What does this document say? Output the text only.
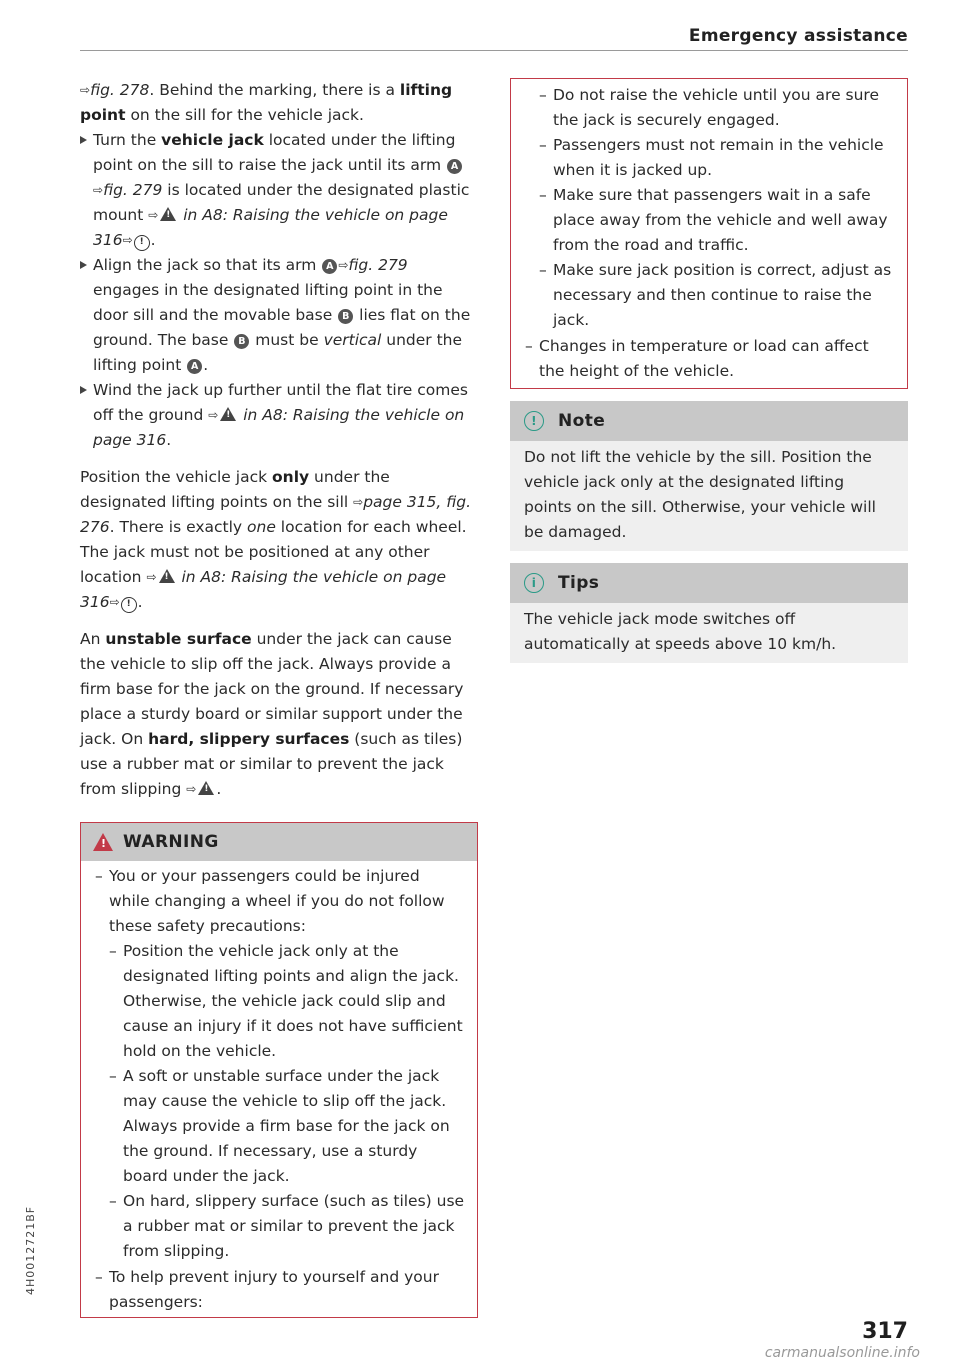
Emergency assistance

⇨fig. 278. Behind the marking, there is a lifting point on the sill for the vehicle jack.

Turn the vehicle jack located under the lifting point on the sill to raise the jack until its arm A ⇨fig. 279 is located under the designated plastic mount ⇨ ! in A8: Raising the vehicle on page 316⇨ ! .

Align the jack so that its arm A ⇨fig. 279 engages in the designated lifting point in the door sill and the movable base B lies flat on the ground. The base B must be vertical under the lifting point A .

Wind the jack up further until the flat tire comes off the ground ⇨ ! in A8: Raising the vehicle on page 316.

Position the vehicle jack only under the designated lifting points on the sill ⇨page 315, fig. 276. There is exactly one location for each wheel. The jack must not be positioned at any other location ⇨ ! in A8: Raising the vehicle on page 316⇨ ! .

An unstable surface under the jack can cause the vehicle to slip off the jack. Always provide a firm base for the jack on the ground. If necessary place a sturdy board or similar support under the jack. On hard, slippery surfaces (such as tiles) use a rubber mat or similar to prevent the jack from slipping ⇨ ! .

!
WARNING
– You or your passengers could be injured while changing a wheel if you do not follow these safety precautions:
– Position the vehicle jack only at the designated lifting points and align the jack. Otherwise, the vehicle jack could slip and cause an injury if it does not have sufficient hold on the vehicle.
– A soft or unstable surface under the jack may cause the vehicle to slip off the jack. Always provide a firm base for the jack on the ground. If necessary, use a sturdy board under the jack.
– On hard, slippery surface (such as tiles) use a rubber mat or similar to prevent the jack from slipping.
– To help prevent injury to yourself and your passengers:
– Do not raise the vehicle until you are sure the jack is securely engaged.
– Passengers must not remain in the vehicle when it is jacked up.
– Make sure that passengers wait in a safe place away from the vehicle and well away from the road and traffic.
– Make sure jack position is correct, adjust as necessary and then continue to raise the jack.
– Changes in temperature or load can affect the height of the vehicle.
!	Note
Do not lift the vehicle by the sill. Position the vehicle jack only at the designated lifting points on the sill. Otherwise, your vehicle will be damaged.
i	Tips
The vehicle jack mode switches off automatically at speeds above 10 km/h.
4H0012721BF
317
carmanualsonline.info
